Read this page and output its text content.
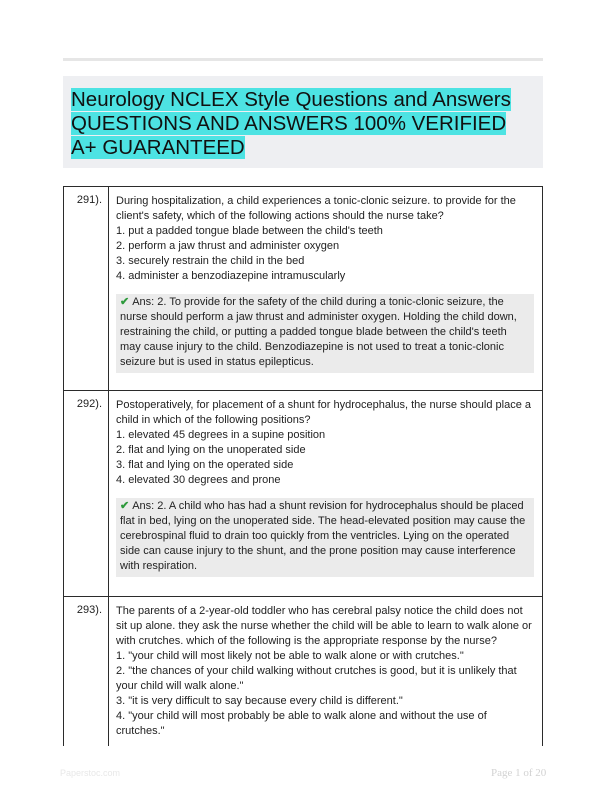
Neurology NCLEX Style Questions and Answers QUESTIONS AND ANSWERS 100% VERIFIED A+ GUARANTEED
291).	During hospitalization, a child experiences a tonic-clonic seizure. to provide for the client's safety, which of the following actions should the nurse take?

1. put a padded tongue blade between the child's teeth
2. perform a jaw thrust and administer oxygen
3. securely restrain the child in the bed
4. administer a benzodiazepine intramuscularly
✔ Ans: 2. To provide for the safety of the child during a tonic-clonic seizure, the nurse should perform a jaw thrust and administer oxygen. Holding the child down, restraining the child, or putting a padded tongue blade between the child's teeth may cause injury to the child. Benzodiazepine is not used to treat a tonic-clonic seizure but is used in status epilepticus.
292).	Postoperatively, for placement of a shunt for hydrocephalus, the nurse should place a child in which of the following positions?

1. elevated 45 degrees in a supine position
2. flat and lying on the unoperated side
3. flat and lying on the operated side
4. elevated 30 degrees and prone
✔ Ans: 2. A child who has had a shunt revision for hydrocephalus should be placed flat in bed, lying on the unoperated side. The head-elevated position may cause the cerebrospinal fluid to drain too quickly from the ventricles. Lying on the operated side can cause injury to the shunt, and the prone position may cause interference with respiration.
293).	The parents of a 2-year-old toddler who has cerebral palsy notice the child does not sit up alone. they ask the nurse whether the child will be able to learn to walk alone or with crutches. which of the following is the appropriate response by the nurse?

1. "your child will most likely not be able to walk alone or with crutches."
2. "the chances of your child walking without crutches is good, but it is unlikely that your child will walk alone."
3. "it is very difficult to say because every child is different."
4. "your child will most probably be able to walk alone and without the use of crutches."
Paperstoc.com	Page 1 of 20
